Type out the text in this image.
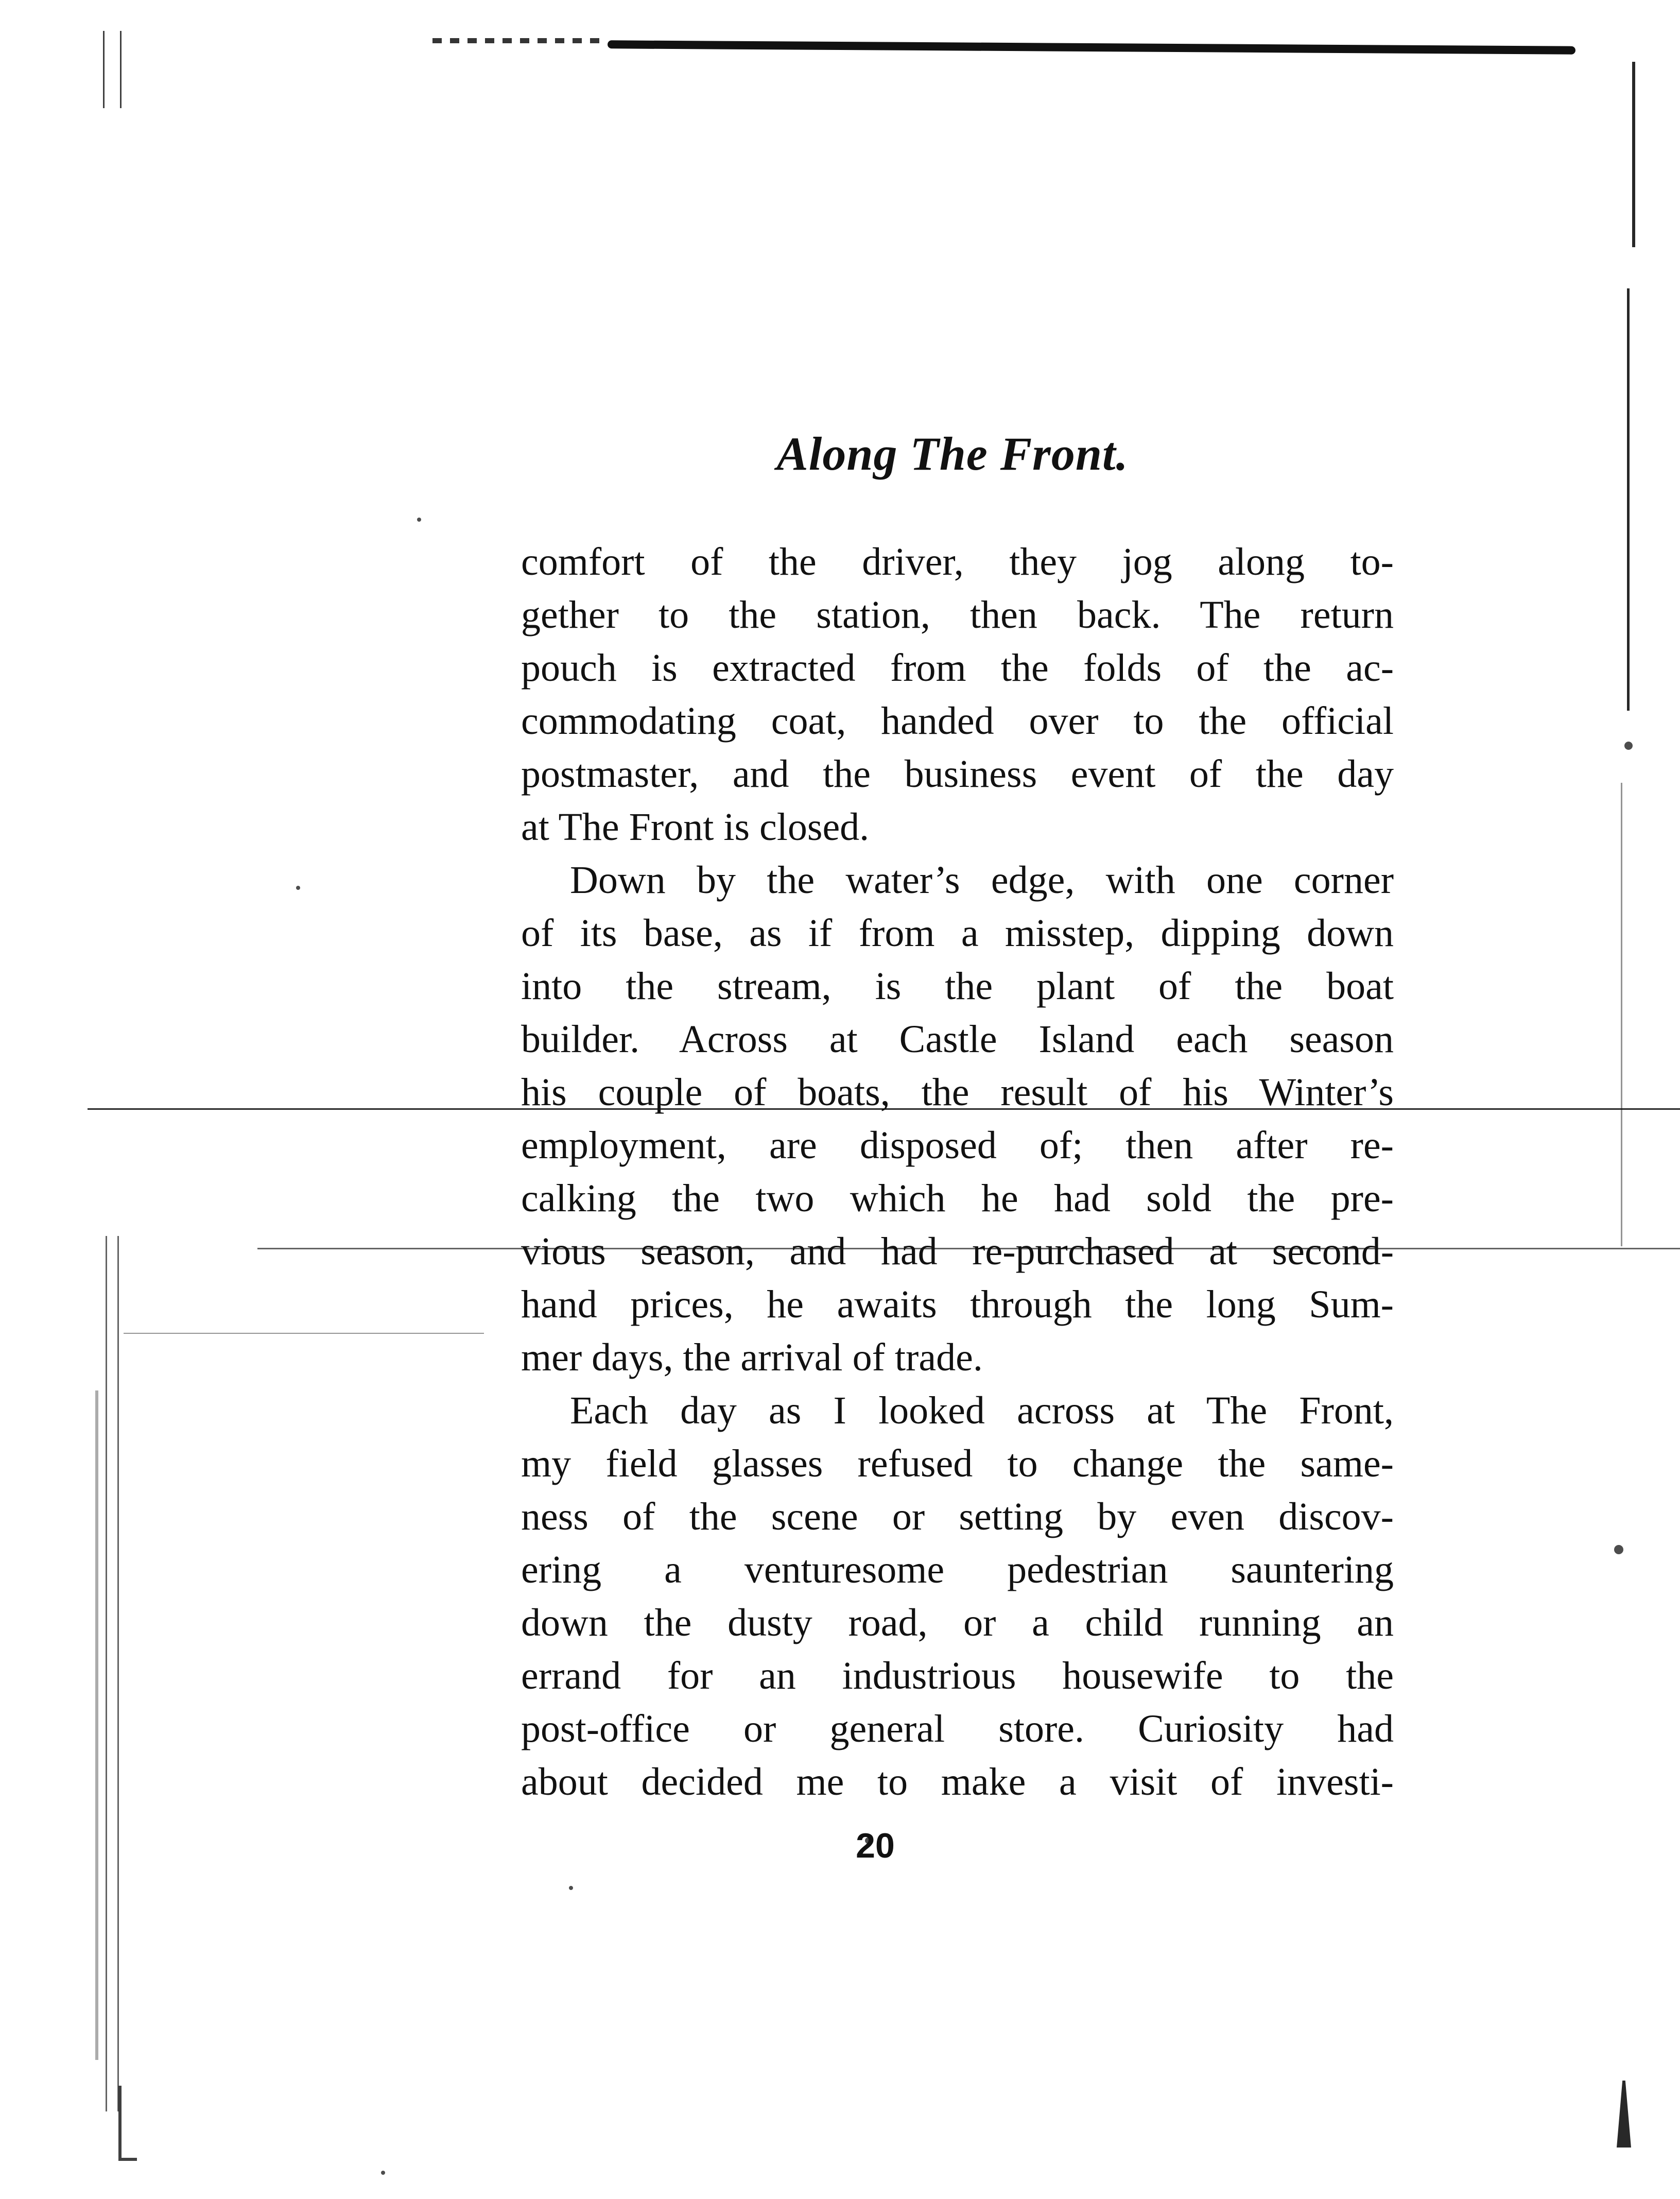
Along The Front.
comfort of the driver, they jog along to-
gether to the station, then back. The return
pouch is extracted from the folds of the ac-
commodating coat, handed over to the official
postmaster, and the business event of the day
at The Front is closed.
Down by the water’s edge, with one corner
of its base, as if from a misstep, dipping down
into the stream, is the plant of the boat
builder. Across at Castle Island each season
his couple of boats, the result of his Winter’s
employment, are disposed of; then after re-
calking the two which he had sold the pre-
vious season, and had re-purchased at second-
hand prices, he awaits through the long Sum-
mer days, the arrival of trade.
Each day as I looked across at The Front,
my field glasses refused to change the same-
ness of the scene or setting by even discov-
ering a venturesome pedestrian sauntering
down the dusty road, or a child running an
errand for an industrious housewife to the
post-office or general store. Curiosity had
about decided me to make a visit of investi-
20
